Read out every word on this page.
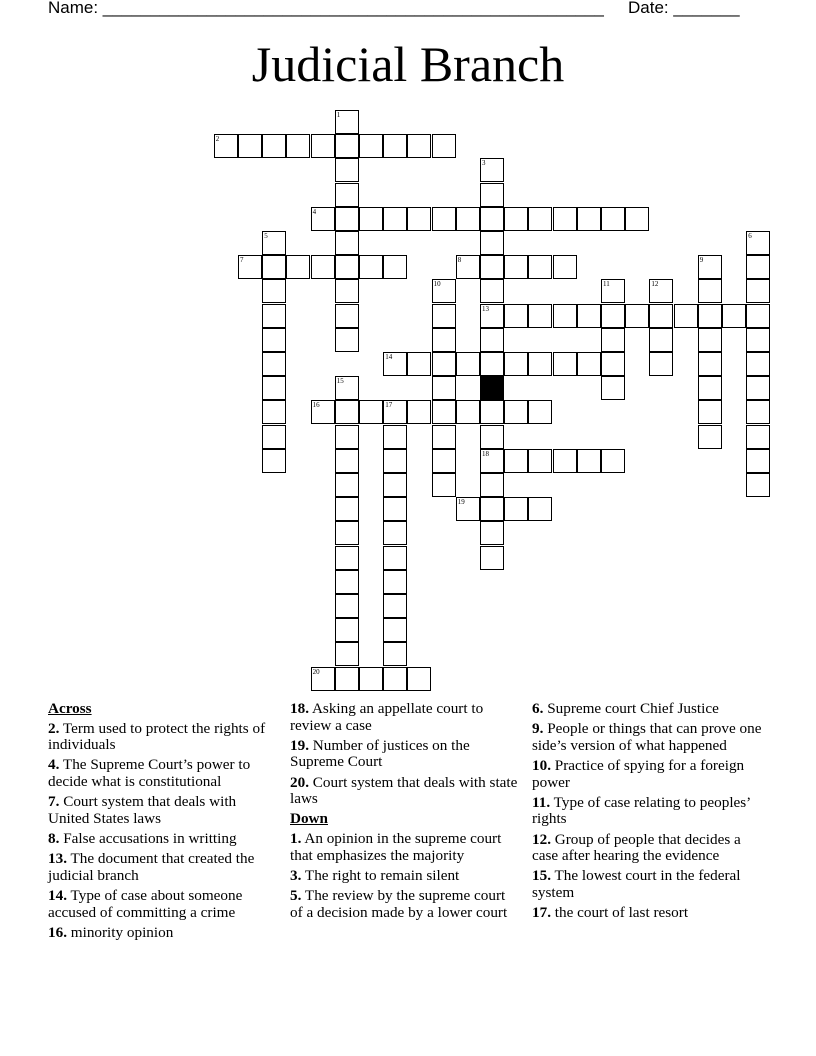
Name: _____________________________________________________ Date: _______
Judicial Branch
1
2
3
13
18
4
5	6
7	8	9
10	11	12
14
15
16	17
19
20
Across
2. Term used to protect the rights of individuals
4. The Supreme Court’s power to decide what is constitutional
7. Court system that deals with United States laws
8. False accusations in writting
13. The document that created the judicial branch
14. Type of case about someone accused of committing a crime
16. minority opinion
18. Asking an appellate court to review a case
19. Number of justices on the Supreme Court
20. Court system that deals with state laws
Down
1. An opinion in the supreme court that emphasizes the majority
3. The right to remain silent
5. The review by the supreme court of a decision made by a lower court
6. Supreme court Chief Justice
9. People or things that can prove one side’s version of what happened
10. Practice of spying for a foreign power
11. Type of case relating to peoples’ rights
12. Group of people that decides a case after hearing the evidence
15. The lowest court in the federal system
17. the court of last resort
